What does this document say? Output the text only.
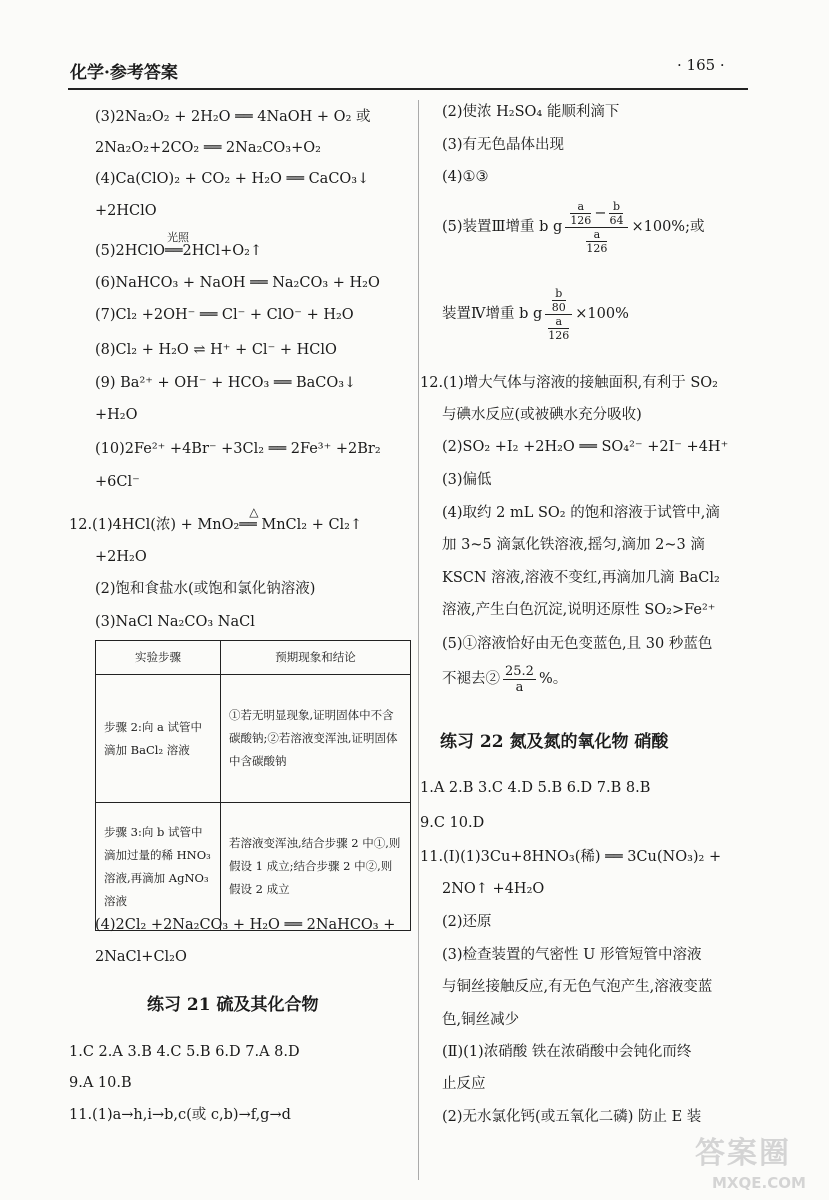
化学·参考答案	· 165 ·
(3)2Na₂O₂ + 2H₂O ══ 4NaOH + O₂ 或
2Na₂O₂+2CO₂ ══ 2Na₂CO₃+O₂
(4)Ca(ClO)₂ + CO₂ + H₂O ══ CaCO₃↓
+2HClO
(5)2HClO
光照
══2HCl+O₂↑
(6)NaHCO₃ + NaOH ══ Na₂CO₃ + H₂O
(7)Cl₂ +2OH⁻ ══ Cl⁻ + ClO⁻ + H₂O
(8)Cl₂ + H₂O ⇌ H⁺ + Cl⁻ + HClO
(9) Ba²⁺ + OH⁻ + HCO₃ ══ BaCO₃↓
+H₂O
(10)2Fe²⁺ +4Br⁻ +3Cl₂ ══ 2Fe³⁺ +2Br₂
+6Cl⁻
12.(1)4HCl(浓) + MnO₂
△
══ MnCl₂ + Cl₂↑
+2H₂O
(2)饱和食盐水(或饱和氯化钠溶液)
(3)NaCl Na₂CO₃ NaCl
实验步骤	预期现象和结论
步骤 2:向 a 试管中滴加 BaCl₂ 溶液	①若无明显现象,证明固体中不含碳酸钠;②若溶液变浑浊,证明固体中含碳酸钠
步骤 3:向 b 试管中滴加过量的稀 HNO₃ 溶液,再滴加 AgNO₃ 溶液	若溶液变浑浊,结合步骤 2 中①,则假设 1 成立;结合步骤 2 中②,则假设 2 成立
(4)2Cl₂ +2Na₂CO₃ + H₂O ══ 2NaHCO₃ +
2NaCl+Cl₂O
练习 21 硫及其化合物
1.C 2.A 3.B 4.C 5.B 6.D 7.A 8.D
9.A 10.B
11.(1)a→h,i→b,c(或 c,b)→f,g→d
(2)使浓 H₂SO₄ 能顺利滴下
(3)有无色晶体出现
(4)①③
(5)装置Ⅲ增重 b g $\frac{\frac{a}{126} - \frac{b}{64}}{\frac{a}{126}} \times 100\%$;或
装置Ⅳ增重 b g $\frac{\frac{b}{80}}{\frac{a}{126}} \times 100\%$
12.(1)增大气体与溶液的接触面积,有利于 SO₂
与碘水反应(或被碘水充分吸收)
(2)SO₂ +I₂ +2H₂O ══ SO₄²⁻ +2I⁻ +4H⁺
(3)偏低
(4)取约 2 mL SO₂ 的饱和溶液于试管中,滴
加 3~5 滴氯化铁溶液,摇匀,滴加 2~3 滴
KSCN 溶液,溶液不变红,再滴加几滴 BaCl₂
溶液,产生白色沉淀,说明还原性 SO₂>Fe²⁺
(5)①溶液恰好由无色变蓝色,且 30 秒蓝色
不褪去② $\frac{25.2}{a}$ %。
练习 22 氮及氮的氧化物 硝酸
1.A 2.B 3.C 4.D 5.B 6.D 7.B 8.B
9.C 10.D
11.(Ⅰ)(1)3Cu+8HNO₃(稀) ══ 3Cu(NO₃)₂ +
2NO↑ +4H₂O
(2)还原
(3)检查装置的气密性 U 形管短管中溶液
与铜丝接触反应,有无色气泡产生,溶液变蓝
色,铜丝减少
(Ⅱ)(1)浓硝酸 铁在浓硝酸中会钝化而终
止反应
(2)无水氯化钙(或五氧化二磷) 防止 E 装
答案圈
MXQE.COM
